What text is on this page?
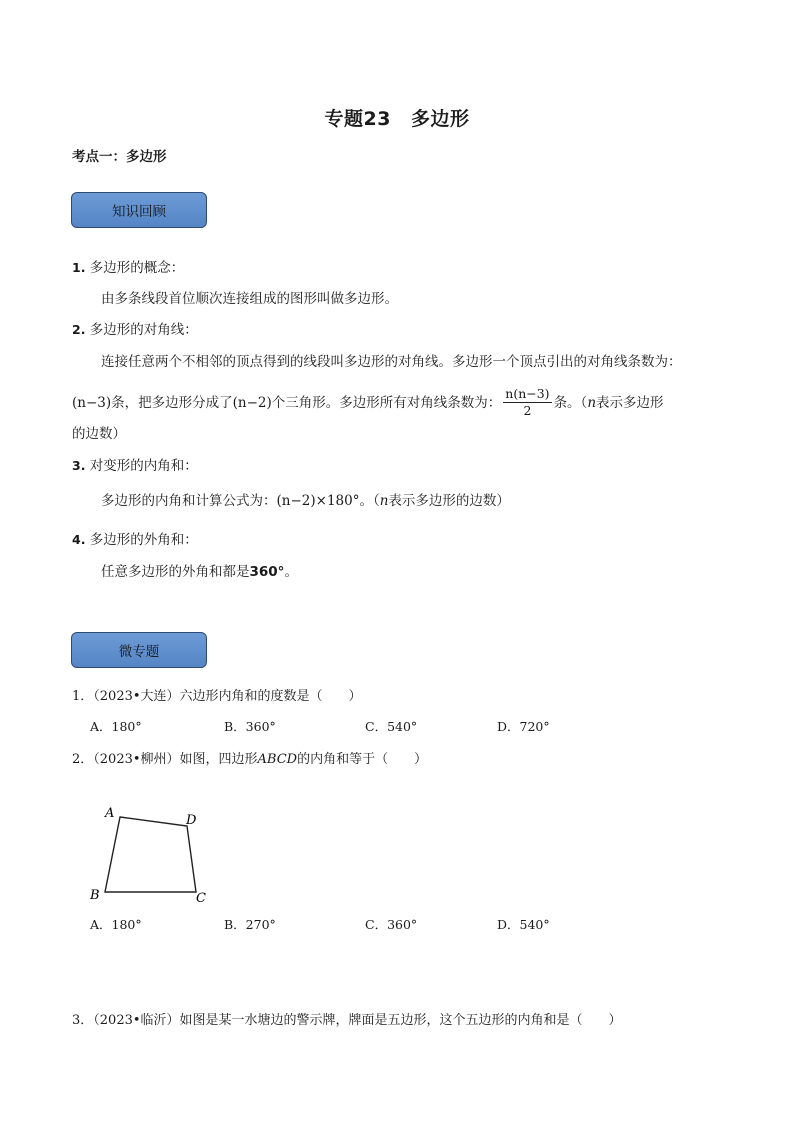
专题23 多边形
考点一：多边形
知识回顾
1. 多边形的概念：
由多条线段首位顺次连接组成的图形叫做多边形。
2. 多边形的对角线：
连接任意两个不相邻的顶点得到的线段叫多边形的对角线。多边形一个顶点引出的对角线条数为：
(n−3) 条，把多边形分成了 (n−2) 个三角形。多边形所有对角线条数为： $\frac{n(n-3)}{2}$ 条。（ n 表示多边形
的边数）
3. 对变形的内角和：
多边形的内角和计算公式为：(n−2)×180°。（n表示多边形的边数）
4. 多边形的外角和：
任意多边形的外角和都是360°。
微专题
1．（2023•大连）六边形内角和的度数是（　　）
A．180°	B．360°	C．540°	D．720°
2．（2023•柳州）如图，四边形ABCD的内角和等于（　　）
A	D
B	C
A．180°	B．270°	C．360°	D．540°
3．（2023•临沂）如图是某一水塘边的警示牌，牌面是五边形，这个五边形的内角和是（　　）
